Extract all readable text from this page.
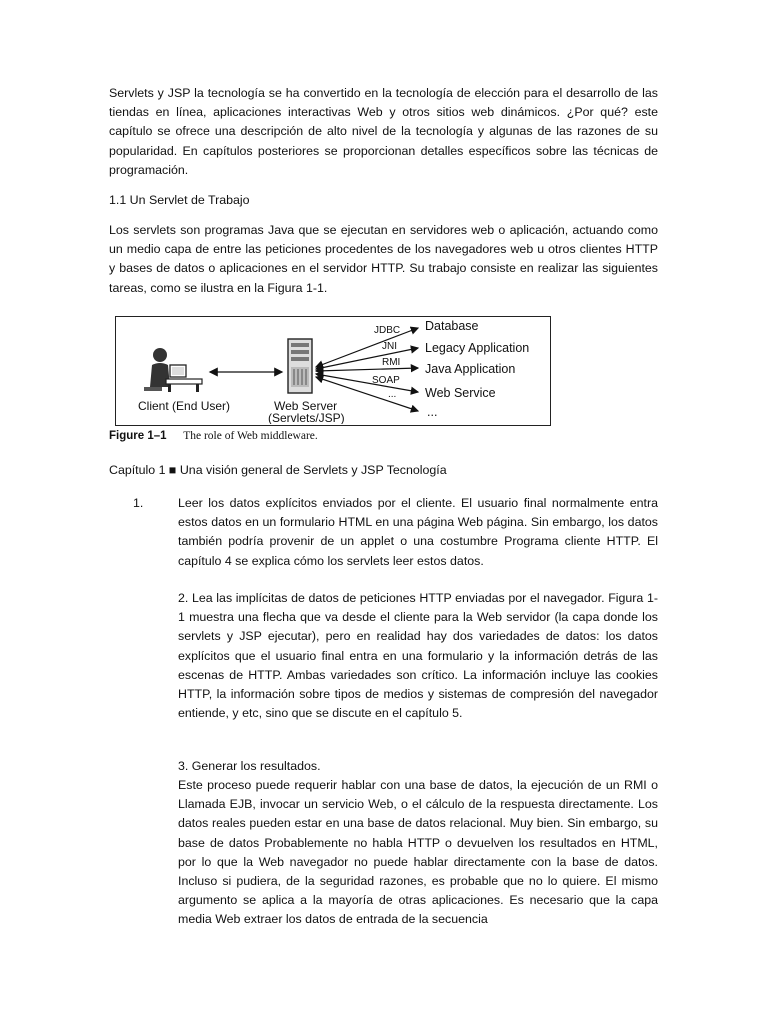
Servlets y JSP la tecnología se ha convertido en la tecnología de elección para el desarrollo de las tiendas en línea, aplicaciones interactivas Web y otros sitios web dinámicos. ¿Por qué? este capítulo se ofrece una descripción de alto nivel de la tecnología y algunas de las razones de su popularidad. En capítulos posteriores se proporcionan detalles específicos sobre las técnicas de programación.

1.1 Un Servlet de Trabajo

Los servlets son programas Java que se ejecutan en servidores web o aplicación, actuando como un medio capa de entre las peticiones procedentes de los navegadores web u otros clientes HTTP y bases de datos o aplicaciones en el servidor HTTP. Su trabajo consiste en realizar las siguientes tareas, como se ilustra en la Figura 1-1.

JDBC
JNI
RMI
SOAP
...
Database
Legacy Application
Java Application
Web Service
...
Client (End User)	Web Server
(Servlets/JSP)

Figure 1–1 The role of Web middleware.

Capítulo 1 ■ Una visión general de Servlets y JSP Tecnología

1.	Leer los datos explícitos enviados por el cliente. El usuario final normalmente entra estos datos en un formulario HTML en una página Web página. Sin embargo, los datos también podría provenir de un applet o una costumbre Programa cliente HTTP. El capítulo 4 se explica cómo los servlets leer estos datos.

2. Lea las implícitas de datos de peticiones HTTP enviadas por el navegador. Figura 1-1 muestra una flecha que va desde el cliente para la Web servidor (la capa donde los servlets y JSP ejecutar), pero en realidad hay dos variedades de datos: los datos explícitos que el usuario final entra en una formulario y la información detrás de las escenas de HTTP. Ambas variedades son crítico. La información incluye las cookies HTTP, la información sobre tipos de medios y sistemas de compresión del navegador entiende, y etc, sino que se discute en el capítulo 5.

3. Generar los resultados.

Este proceso puede requerir hablar con una base de datos, la ejecución de un RMI o Llamada EJB, invocar un servicio Web, o el cálculo de la respuesta directamente. Los datos reales pueden estar en una base de datos relacional. Muy bien. Sin embargo, su base de datos Probablemente no habla HTTP o devuelven los resultados en HTML, por lo que la Web navegador no puede hablar directamente con la base de datos. Incluso si pudiera, de la seguridad razones, es probable que no lo quiere. El mismo argumento se aplica a la mayoría de otras aplicaciones. Es necesario que la capa media Web extraer los datos de entrada de la secuencia
